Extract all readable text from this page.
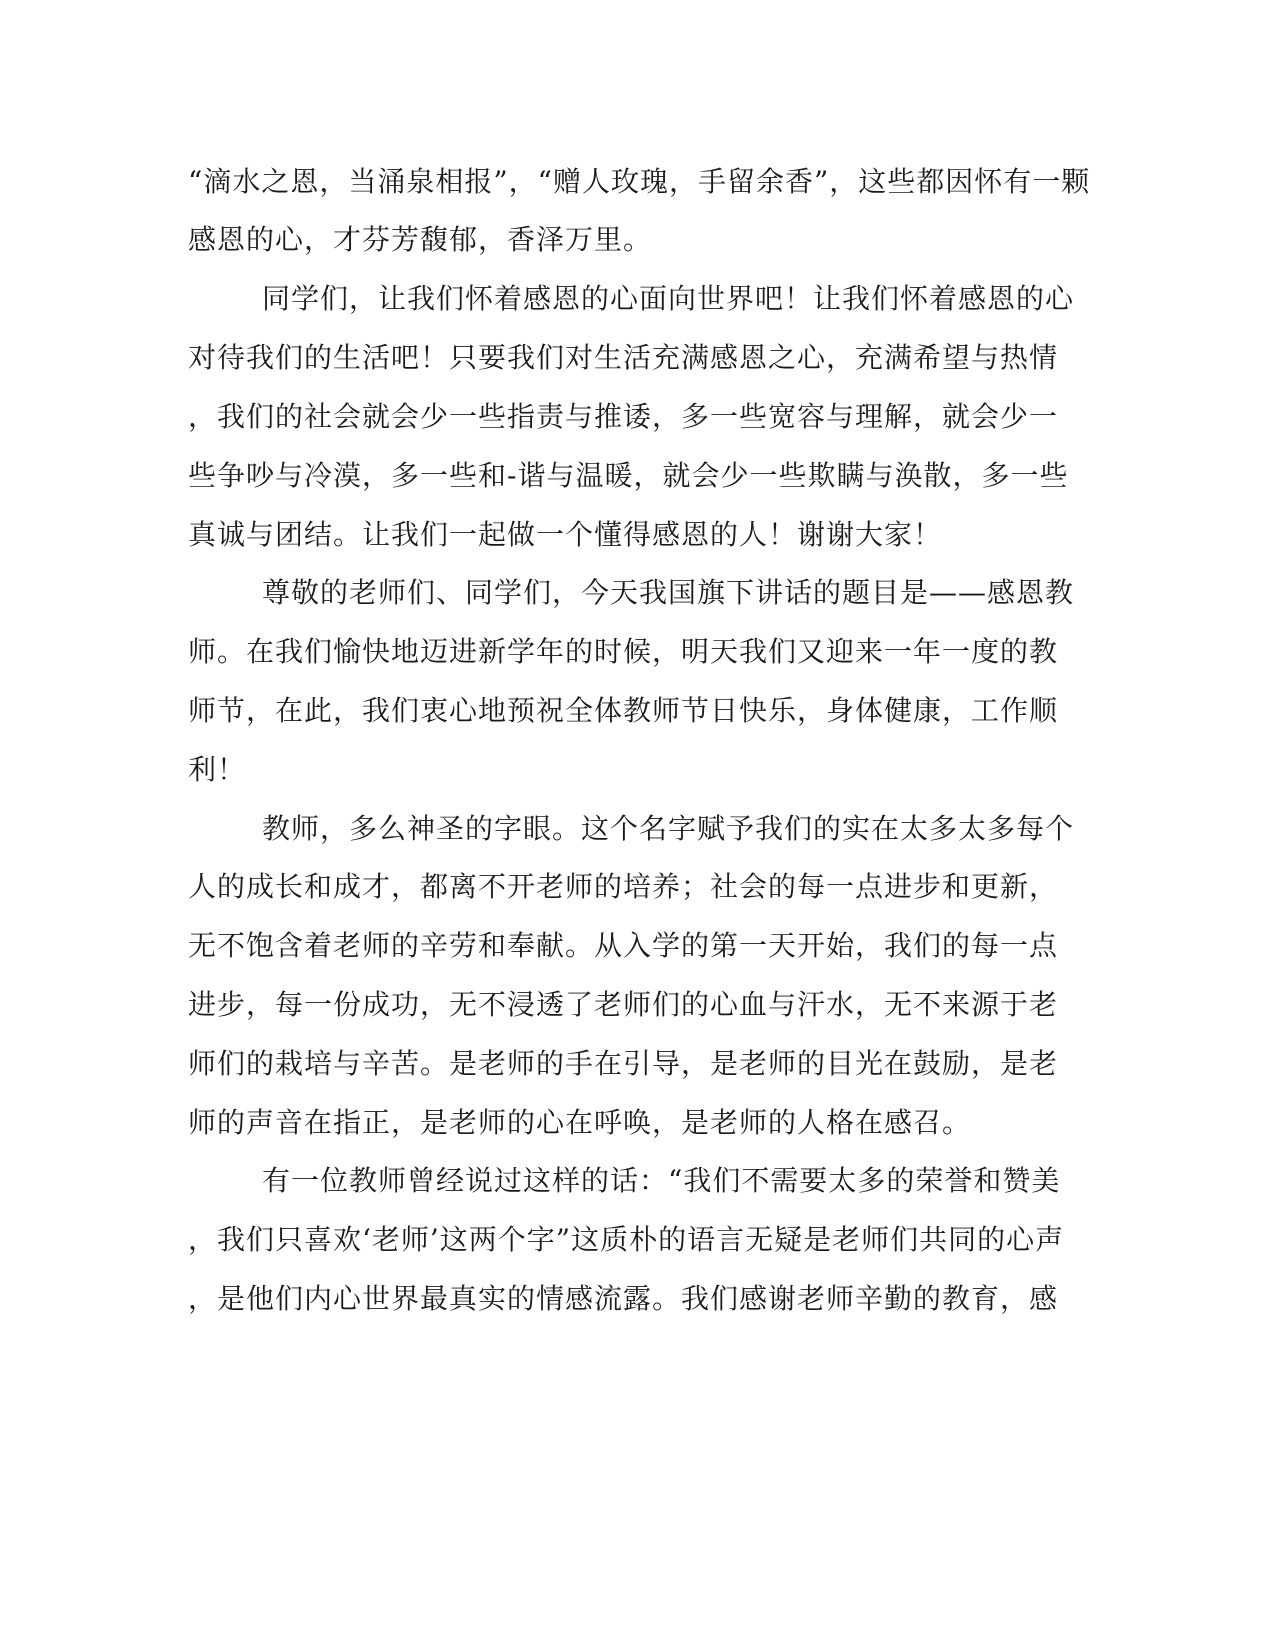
“滴水之恩，当涌泉相报”，“赠人玫瑰，手留余香”，这些都因怀有一颗
感恩的心，才芬芳馥郁，香泽万里。
同学们，让我们怀着感恩的心面向世界吧！让我们怀着感恩的心
对待我们的生活吧！只要我们对生活充满感恩之心，充满希望与热情
，我们的社会就会少一些指责与推诿，多一些宽容与理解，就会少一
些争吵与冷漠，多一些和-谐与温暖，就会少一些欺瞒与涣散，多一些
真诚与团结。让我们一起做一个懂得感恩的人！谢谢大家！
尊敬的老师们、同学们，今天我国旗下讲话的题目是——感恩教
师。在我们愉快地迈进新学年的时候，明天我们又迎来一年一度的教
师节，在此，我们衷心地预祝全体教师节日快乐，身体健康，工作顺
利！
教师，多么神圣的字眼。这个名字赋予我们的实在太多太多每个
人的成长和成才，都离不开老师的培养；社会的每一点进步和更新，
无不饱含着老师的辛劳和奉献。从入学的第一天开始，我们的每一点
进步，每一份成功，无不浸透了老师们的心血与汗水，无不来源于老
师们的栽培与辛苦。是老师的手在引导，是老师的目光在鼓励，是老
师的声音在指正，是老师的心在呼唤，是老师的人格在感召。
有一位教师曾经说过这样的话：“我们不需要太多的荣誉和赞美
，我们只喜欢‘老师’这两个字”这质朴的语言无疑是老师们共同的心声
，是他们内心世界最真实的情感流露。我们感谢老师辛勤的教育，感
